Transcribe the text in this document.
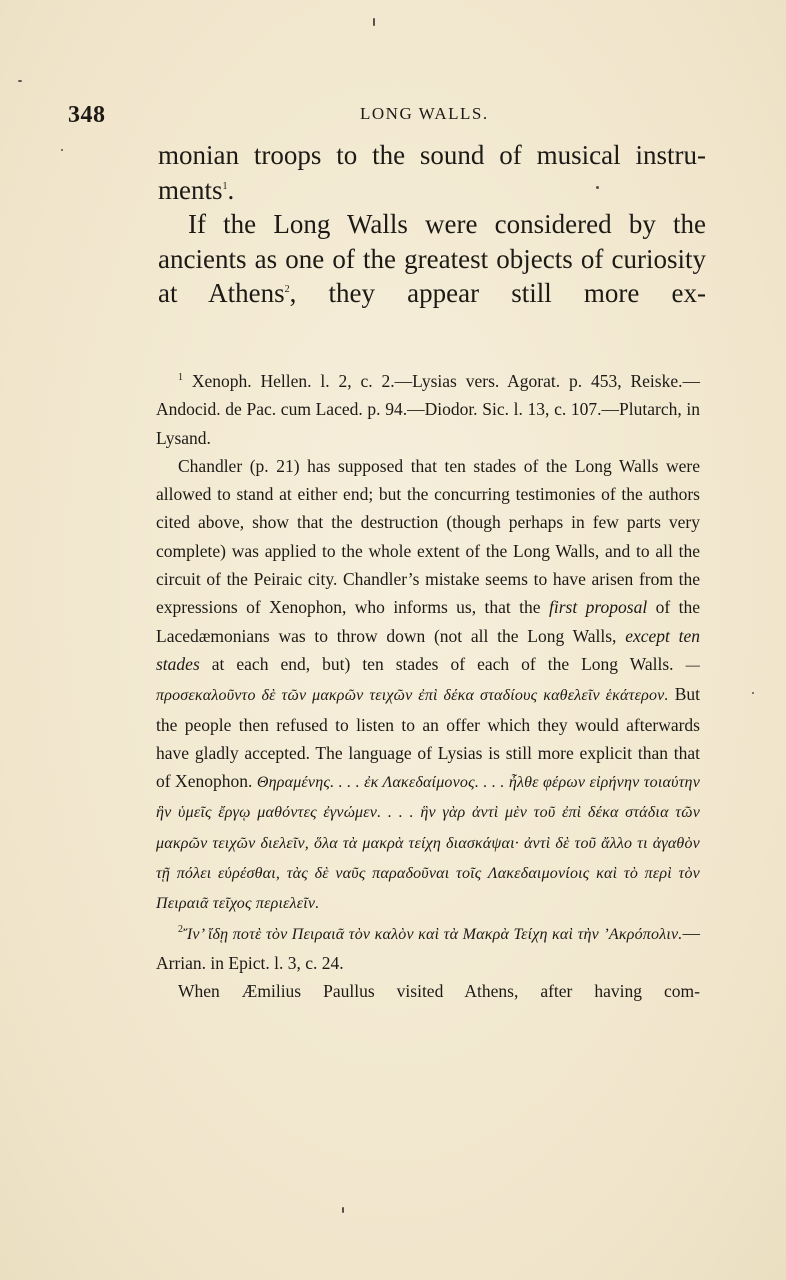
348	LONG WALLS.

monian troops to the sound of musical instruments$^1$.

If the Long Walls were considered by the ancients as one of the greatest objects of curiosity at Athens$^2$, they appear still more ex-

$^1$ Xenoph. Hellen. l. 2, c. 2.—Lysias vers. Agorat. p. 453, Reiske.—Andocid. de Pac. cum Laced. p. 94.—Diodor. Sic. l. 13, c. 107.—Plutarch, in Lysand.

Chandler (p. 21) has supposed that ten stades of the Long Walls were allowed to stand at either end; but the concurring testimonies of the authors cited above, show that the destruction (though perhaps in few parts very complete) was applied to the whole extent of the Long Walls, and to all the circuit of the Peiraic city. Chandler’s mistake seems to have arisen from the expressions of Xenophon, who informs us, that the first proposal of the Lacedæmonians was to throw down (not all the Long Walls, except ten stades at each end, but) ten stades of each of the Long Walls. —προσεκαλοῦντο δὲ τῶν μακρῶν τειχῶν ἐπὶ δέκα σταδίους καθελεῖν ἑκάτερον. But the people then refused to listen to an offer which they would afterwards have gladly accepted. The language of Lysias is still more explicit than that of Xenophon. Θηραμένης. . . . ἐκ Λακεδαίμονος. . . . ἦλθε φέρων εἰρήνην τοιαύτην ἣν ὑμεῖς ἔργῳ μαθόντες ἐγνώμεν. . . . ἣν γὰρ ἀντὶ μὲν τοῦ ἐπὶ δέκα στάδια τῶν μακρῶν τειχῶν διελεῖν, ὅλα τὰ μακρὰ τείχη διασκάψαι· ἀντὶ δὲ τοῦ ἄλλο τι ἀγαθὸν τῇ πόλει εὑρέσθαι, τὰς δὲ ναῦς παραδοῦναι τοῖς Λακεδαιμονίοις καὶ τὸ περὶ τὸν Πειραιᾶ τεῖχος περιελεῖν.

$^2$Ἴν’ ἴδῃ ποτὲ τὸν Πειραιᾶ τὸν καλὸν καὶ τὰ Μακρὰ Τείχη καὶ τὴν ’Ακρόπολιν.—Arrian. in Epict. l. 3, c. 24.

When Æmilius Paullus visited Athens, after having com-
